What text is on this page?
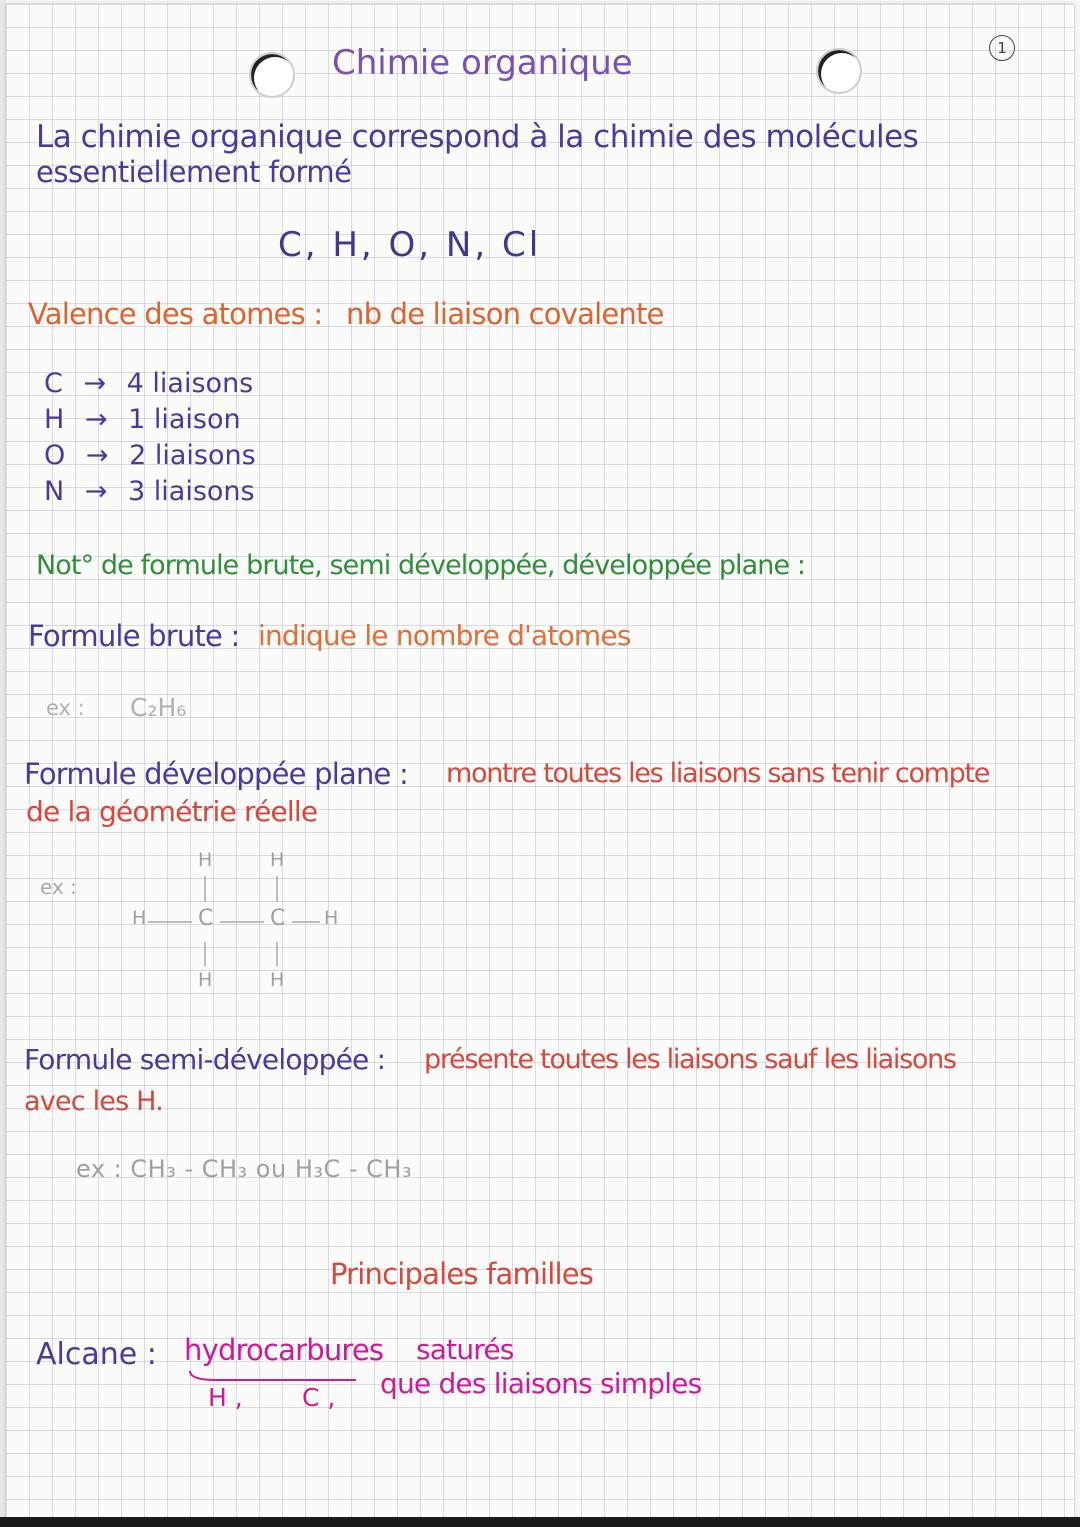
Chimie organique	1
La chimie organique correspond à la chimie des molécules
essentiellement formé
C, H, O, N, Cl
Valence des atomes : nb de liaison covalente
C → 4 liaisons
H → 1 liaison
O → 2 liaisons
N → 3 liaisons
Not° de formule brute, semi développée, développée plane :
Formule brute : indique le nombre d'atomes
ex : C₂H₆
Formule développée plane : montre toutes les liaisons sans tenir compte
de la géométrie réelle
ex :
H	H
H C	C H
H	H
Formule semi-développée : présente toutes les liaisons sauf les liaisons
avec les H.
ex : CH₃ - CH₃ ou H₃C - CH₃
Principales familles
Alcane : hydrocarbures saturés
H , C , que des liaisons simples
